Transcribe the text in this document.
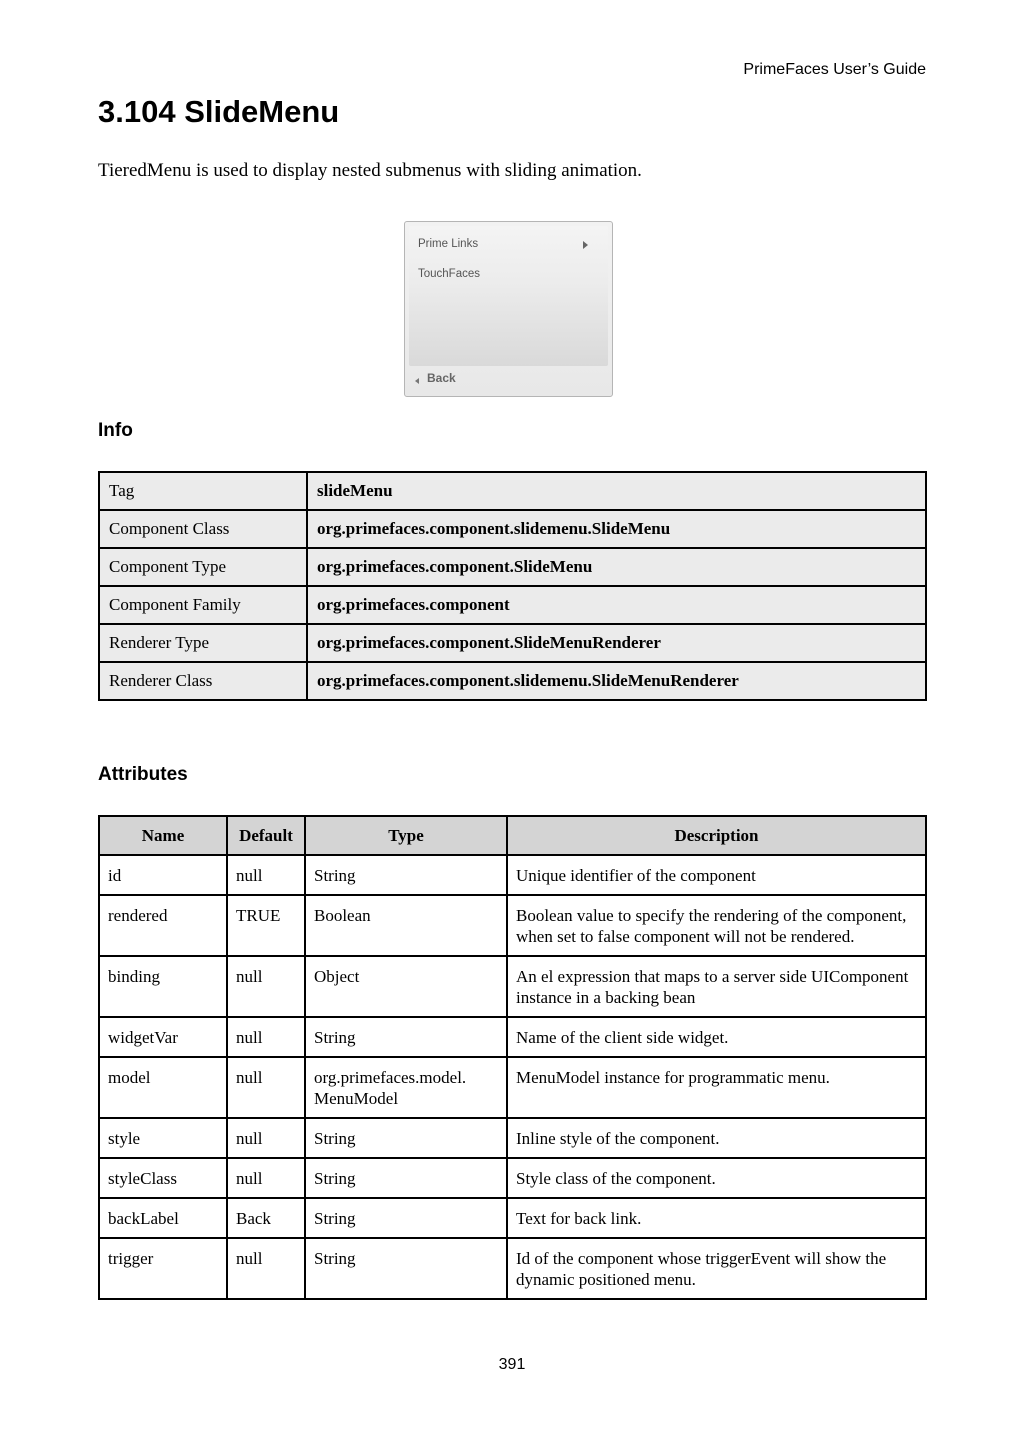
PrimeFaces User’s Guide
3.104 SlideMenu
TieredMenu is used to display nested submenus with sliding animation.
Prime Links
TouchFaces
Back
Info
Tag	slideMenu
Component Class	org.primefaces.component.slidemenu.SlideMenu
Component Type	org.primefaces.component.SlideMenu
Component Family	org.primefaces.component
Renderer Type	org.primefaces.component.SlideMenuRenderer
Renderer Class	org.primefaces.component.slidemenu.SlideMenuRenderer
Attributes
Name	Default	Type	Description
id	null	String	Unique identifier of the component
rendered	TRUE	Boolean	Boolean value to specify the rendering of the component, when set to false component will not be rendered.
binding	null	Object	An el expression that maps to a server side UIComponent instance in a backing bean
widgetVar	null	String	Name of the client side widget.
model	null	org.primefaces.model. MenuModel	MenuModel instance for programmatic menu.
style	null	String	Inline style of the component.
styleClass	null	String	Style class of the component.
backLabel	Back	String	Text for back link.
trigger	null	String	Id of the component whose triggerEvent will show the dynamic positioned menu.
391
